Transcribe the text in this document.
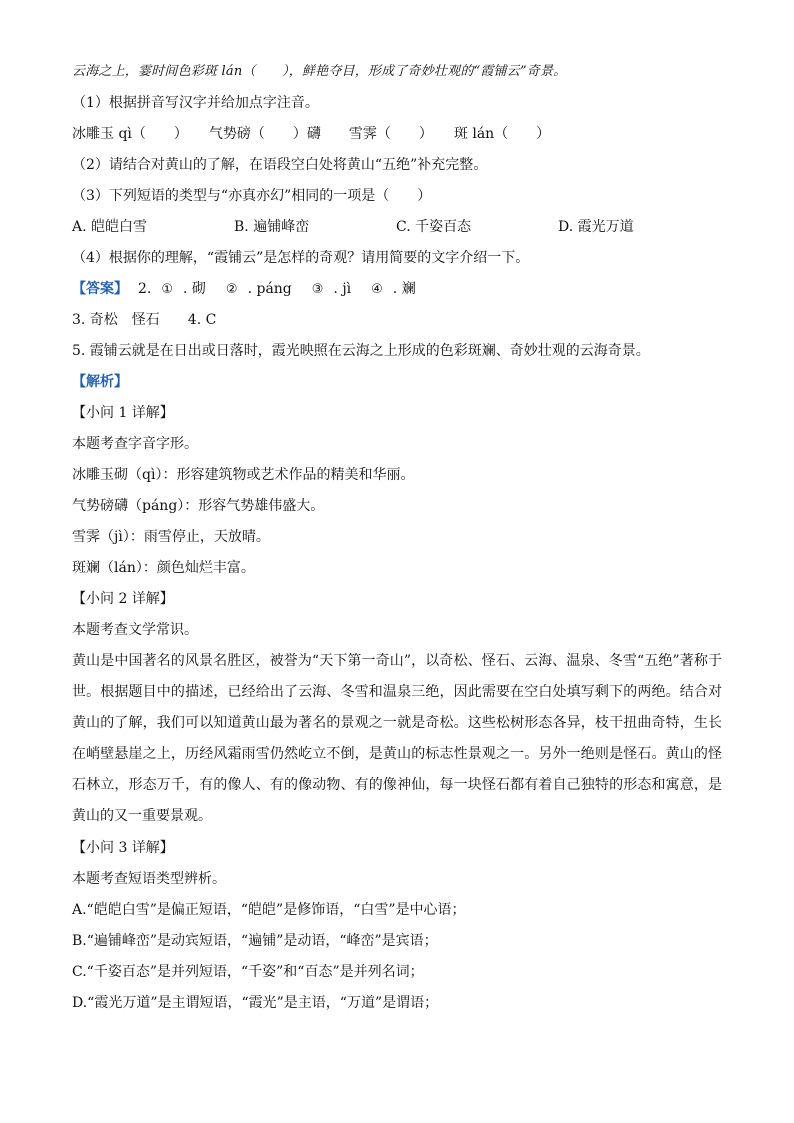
云海之上，霎时间色彩斑 lán（　　），鲜艳夺目，形成了奇妙壮观的“霞铺云”奇景。
（1）根据拼音写汉字并给加点字注音。
冰雕玉 qì（　　）　　气势磅（　　）礴　　雪霁（　　）　　斑 lán（　　）
（2）请结合对黄山的了解，在语段空白处将黄山“五绝”补充完整。
（3）下列短语的类型与“亦真亦幻”相同的一项是（　　）
A. 皑皑白雪	B. 遍铺峰峦	C. 千姿百态	D. 霞光万道
（4）根据你的理解，“霞铺云”是怎样的奇观？请用简要的文字介绍一下。
【答案】 2. ① . 砌	② . páng	③ . jì	④ . 斓
3. 奇松　怪石　　4. C
5. 霞铺云就是在日出或日落时，霞光映照在云海之上形成的色彩斑斓、奇妙壮观的云海奇景。
【解析】
【小问 1 详解】
本题考查字音字形。
冰雕玉砌（qì）：形容建筑物或艺术作品的精美和华丽。
气势磅礴（páng）：形容气势雄伟盛大。
雪霁（jì）：雨雪停止，天放晴。
斑斓（lán）：颜色灿烂丰富。
【小问 2 详解】
本题考查文学常识。
黄山是中国著名的风景名胜区，被誉为“天下第一奇山”，以奇松、怪石、云海、温泉、冬雪“五绝”著称于世。根据题目中的描述，已经给出了云海、冬雪和温泉三绝，因此需要在空白处填写剩下的两绝。结合对黄山的了解，我们可以知道黄山最为著名的景观之一就是奇松。这些松树形态各异，枝干扭曲奇特，生长在峭壁悬崖之上，历经风霜雨雪仍然屹立不倒，是黄山的标志性景观之一。另外一绝则是怪石。黄山的怪石林立，形态万千，有的像人、有的像动物、有的像神仙，每一块怪石都有着自己独特的形态和寓意，是黄山的又一重要景观。
【小问 3 详解】
本题考查短语类型辨析。
A.“皑皑白雪”是偏正短语，“皑皑”是修饰语，“白雪”是中心语；
B.“遍铺峰峦”是动宾短语，“遍铺”是动语，“峰峦”是宾语；
C.“千姿百态”是并列短语，“千姿”和“百态”是并列名词；
D.“霞光万道”是主谓短语，“霞光”是主语，“万道”是谓语；
